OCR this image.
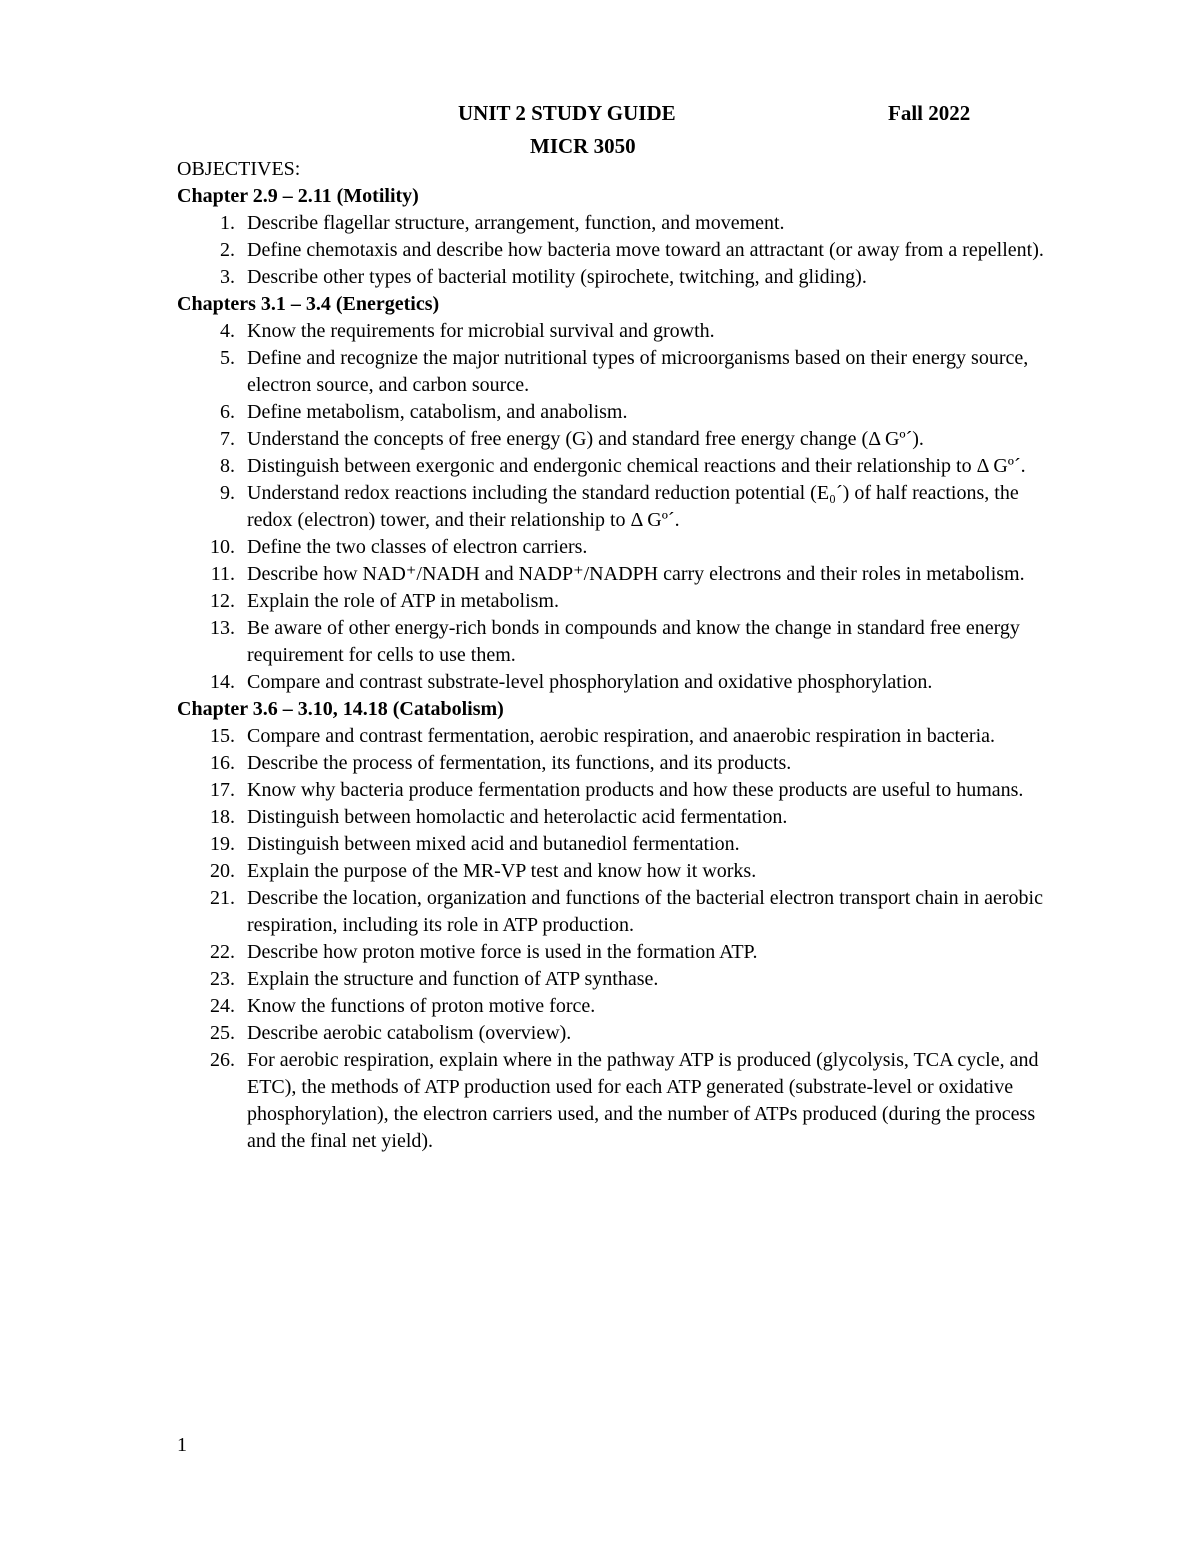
UNIT 2 STUDY GUIDE	Fall 2022
MICR 3050
OBJECTIVES:
Chapter 2.9 – 2.11 (Motility)
1. Describe flagellar structure, arrangement, function, and movement.
2. Define chemotaxis and describe how bacteria move toward an attractant (or away from a repellent).
3. Describe other types of bacterial motility (spirochete, twitching, and gliding).
Chapters 3.1 – 3.4 (Energetics)
4. Know the requirements for microbial survival and growth.
5. Define and recognize the major nutritional types of microorganisms based on their energy source, electron source, and carbon source.
6. Define metabolism, catabolism, and anabolism.
7. Understand the concepts of free energy (G) and standard free energy change (Δ Gº´).
8. Distinguish between exergonic and endergonic chemical reactions and their relationship to Δ Gº´.
9. Understand redox reactions including the standard reduction potential (E₀´) of half reactions, the redox (electron) tower, and their relationship to Δ Gº´.
10. Define the two classes of electron carriers.
11. Describe how NAD⁺/NADH and NADP⁺/NADPH carry electrons and their roles in metabolism.
12. Explain the role of ATP in metabolism.
13. Be aware of other energy-rich bonds in compounds and know the change in standard free energy requirement for cells to use them.
14. Compare and contrast substrate-level phosphorylation and oxidative phosphorylation.
Chapter 3.6 – 3.10, 14.18 (Catabolism)
15. Compare and contrast fermentation, aerobic respiration, and anaerobic respiration in bacteria.
16. Describe the process of fermentation, its functions, and its products.
17. Know why bacteria produce fermentation products and how these products are useful to humans.
18. Distinguish between homolactic and heterolactic acid fermentation.
19. Distinguish between mixed acid and butanediol fermentation.
20. Explain the purpose of the MR-VP test and know how it works.
21. Describe the location, organization and functions of the bacterial electron transport chain in aerobic respiration, including its role in ATP production.
22. Describe how proton motive force is used in the formation ATP.
23. Explain the structure and function of ATP synthase.
24. Know the functions of proton motive force.
25. Describe aerobic catabolism (overview).
26. For aerobic respiration, explain where in the pathway ATP is produced (glycolysis, TCA cycle, and ETC), the methods of ATP production used for each ATP generated (substrate-level or oxidative phosphorylation), the electron carriers used, and the number of ATPs produced (during the process and the final net yield).
1
